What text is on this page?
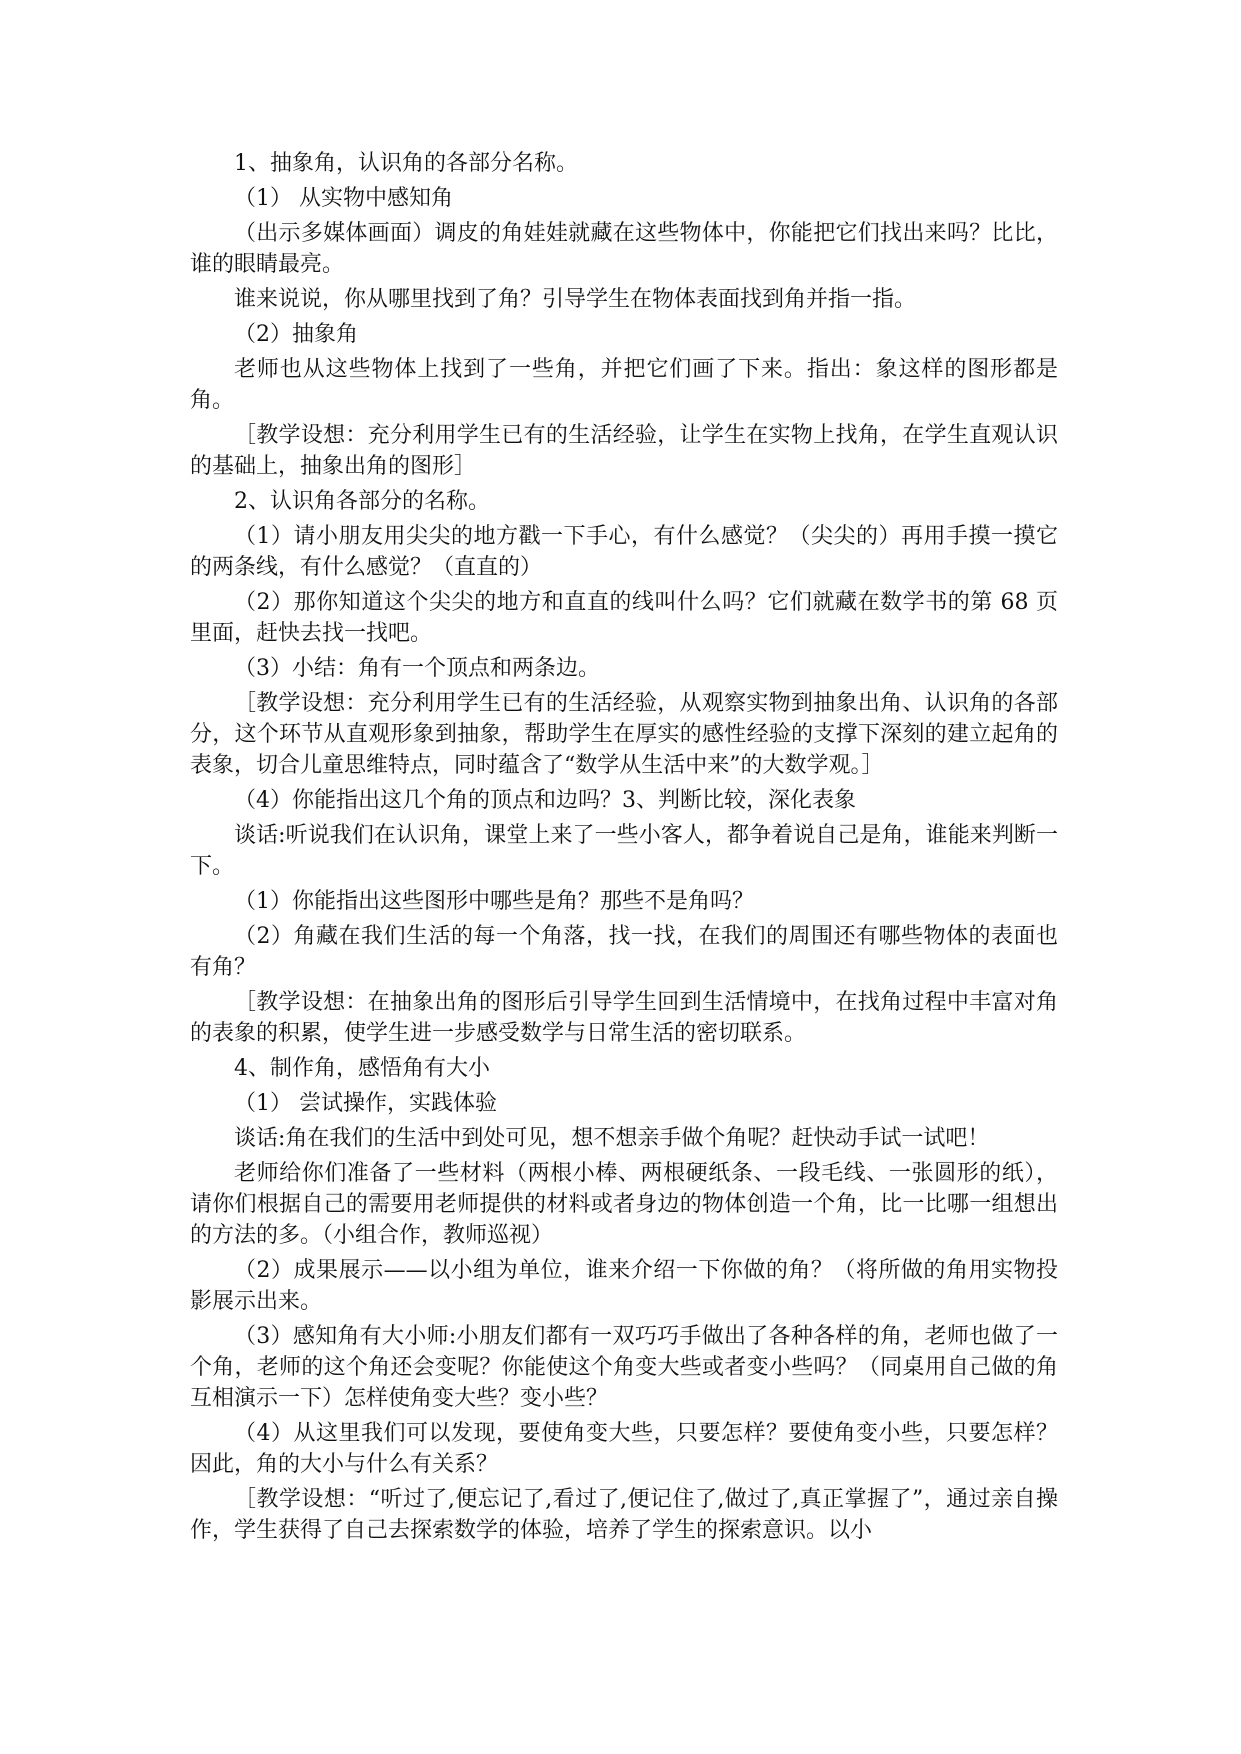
1、抽象角，认识角的各部分名称。

（1） 从实物中感知角

（出示多媒体画面）调皮的角娃娃就藏在这些物体中，你能把它们找出来吗？比比，谁的眼睛最亮。

谁来说说，你从哪里找到了角？引导学生在物体表面找到角并指一指。

（2）抽象角

老师也从这些物体上找到了一些角，并把它们画了下来。指出：象这样的图形都是角。

［教学设想：充分利用学生已有的生活经验，让学生在实物上找角，在学生直观认识的基础上，抽象出角的图形］

2、认识角各部分的名称。

（1）请小朋友用尖尖的地方戳一下手心，有什么感觉？（尖尖的）再用手摸一摸它的两条线，有什么感觉？（直直的）

（2）那你知道这个尖尖的地方和直直的线叫什么吗？它们就藏在数学书的第 68 页里面，赶快去找一找吧。

（3）小结：角有一个顶点和两条边。

［教学设想：充分利用学生已有的生活经验，从观察实物到抽象出角、认识角的各部分，这个环节从直观形象到抽象，帮助学生在厚实的感性经验的支撑下深刻的建立起角的表象，切合儿童思维特点，同时蕴含了“数学从生活中来”的大数学观。］

（4）你能指出这几个角的顶点和边吗？3、判断比较，深化表象

谈话:听说我们在认识角，课堂上来了一些小客人，都争着说自己是角，谁能来判断一下。

（1）你能指出这些图形中哪些是角？那些不是角吗？

（2）角藏在我们生活的每一个角落，找一找，在我们的周围还有哪些物体的表面也有角？

［教学设想：在抽象出角的图形后引导学生回到生活情境中，在找角过程中丰富对角的表象的积累，使学生进一步感受数学与日常生活的密切联系。

4、制作角，感悟角有大小

（1） 尝试操作，实践体验

谈话:角在我们的生活中到处可见，想不想亲手做个角呢？赶快动手试一试吧！

老师给你们准备了一些材料（两根小棒、两根硬纸条、一段毛线、一张圆形的纸），请你们根据自己的需要用老师提供的材料或者身边的物体创造一个角，比一比哪一组想出的方法的多。（小组合作，教师巡视）

（2）成果展示——以小组为单位，谁来介绍一下你做的角？（将所做的角用实物投影展示出来。

（3）感知角有大小师:小朋友们都有一双巧巧手做出了各种各样的角，老师也做了一个角，老师的这个角还会变呢？你能使这个角变大些或者变小些吗？（同桌用自己做的角互相演示一下）怎样使角变大些？变小些？

（4）从这里我们可以发现，要使角变大些，只要怎样？要使角变小些，只要怎样？因此，角的大小与什么有关系？

［教学设想：“听过了,便忘记了,看过了,便记住了,做过了,真正掌握了”，通过亲自操作，学生获得了自己去探索数学的体验，培养了学生的探索意识。以小
